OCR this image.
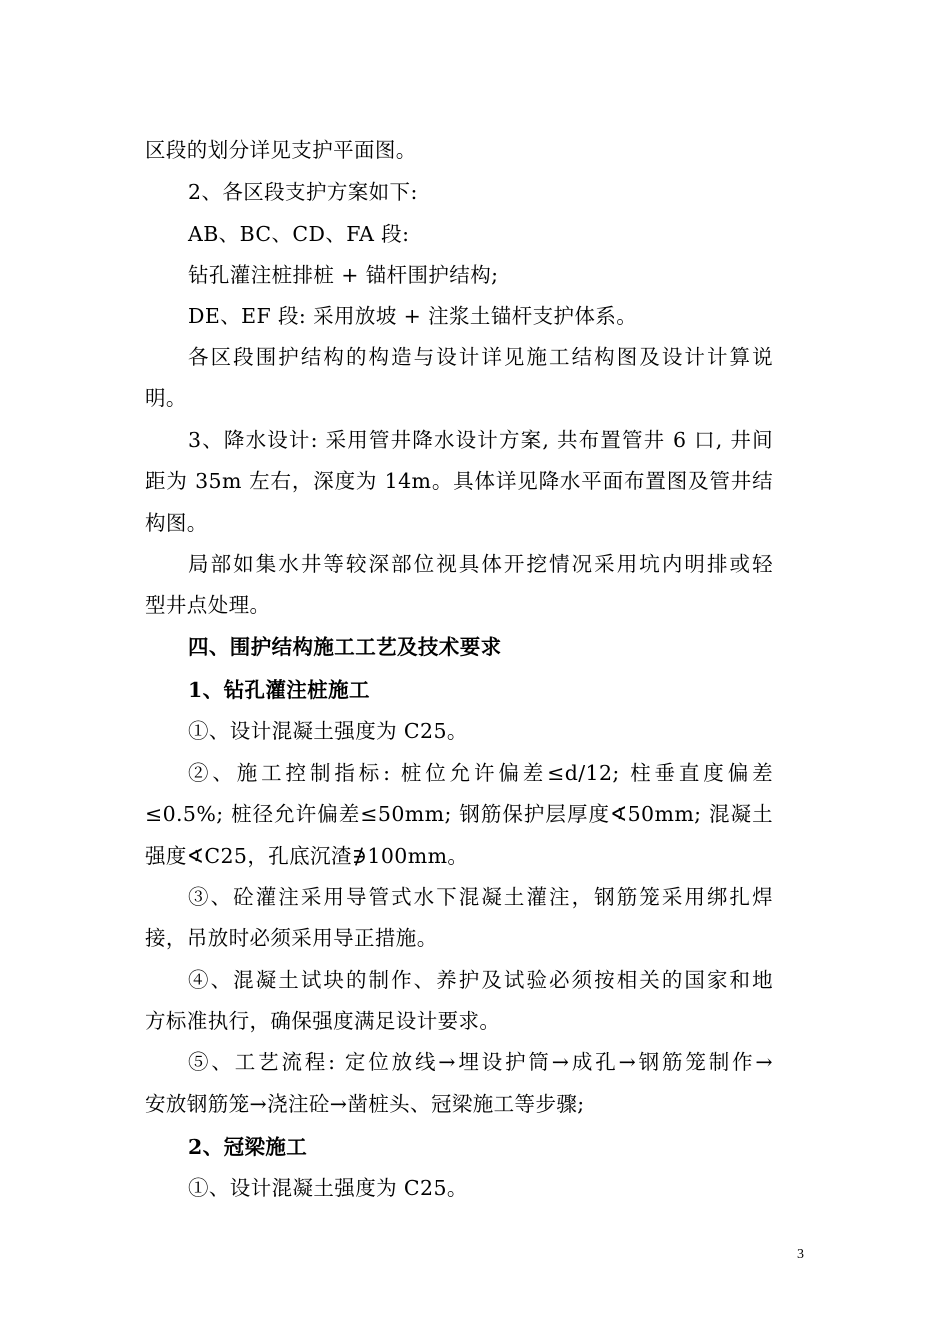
区段的划分详见支护平面图。
2、各区段支护方案如下:
AB、BC、CD、FA 段:
钻孔灌注桩排桩 + 锚杆围护结构;
DE、EF 段: 采用放坡 + 注浆土锚杆支护体系。
各区段围护结构的构造与设计详见施工结构图及设计计算说
明。
3、降水设计: 采用管井降水设计方案, 共布置管井 6 口, 井间
距为 35m 左右，深度为 14m。具体详见降水平面布置图及管井结
构图。
局部如集水井等较深部位视具体开挖情况采用坑内明排或轻
型井点处理。
四、围护结构施工工艺及技术要求
1、钻孔灌注桩施工
①、设计混凝土强度为 C25。
②、施工控制指标: 桩位允许偏差≤d/12; 柱垂直度偏差
≤0.5%; 桩径允许偏差≤50mm; 钢筋保护层厚度∢50mm; 混凝土
强度∢C25，孔底沉渣∌100mm。
③、砼灌注采用导管式水下混凝土灌注，钢筋笼采用绑扎焊
接，吊放时必须采用导正措施。
④、混凝土试块的制作、养护及试验必须按相关的国家和地
方标准执行，确保强度满足设计要求。
⑤、工艺流程: 定位放线→埋设护筒→成孔→钢筋笼制作→
安放钢筋笼→浇注砼→凿桩头、冠梁施工等步骤;
2、冠梁施工
①、设计混凝土强度为 C25。
3
